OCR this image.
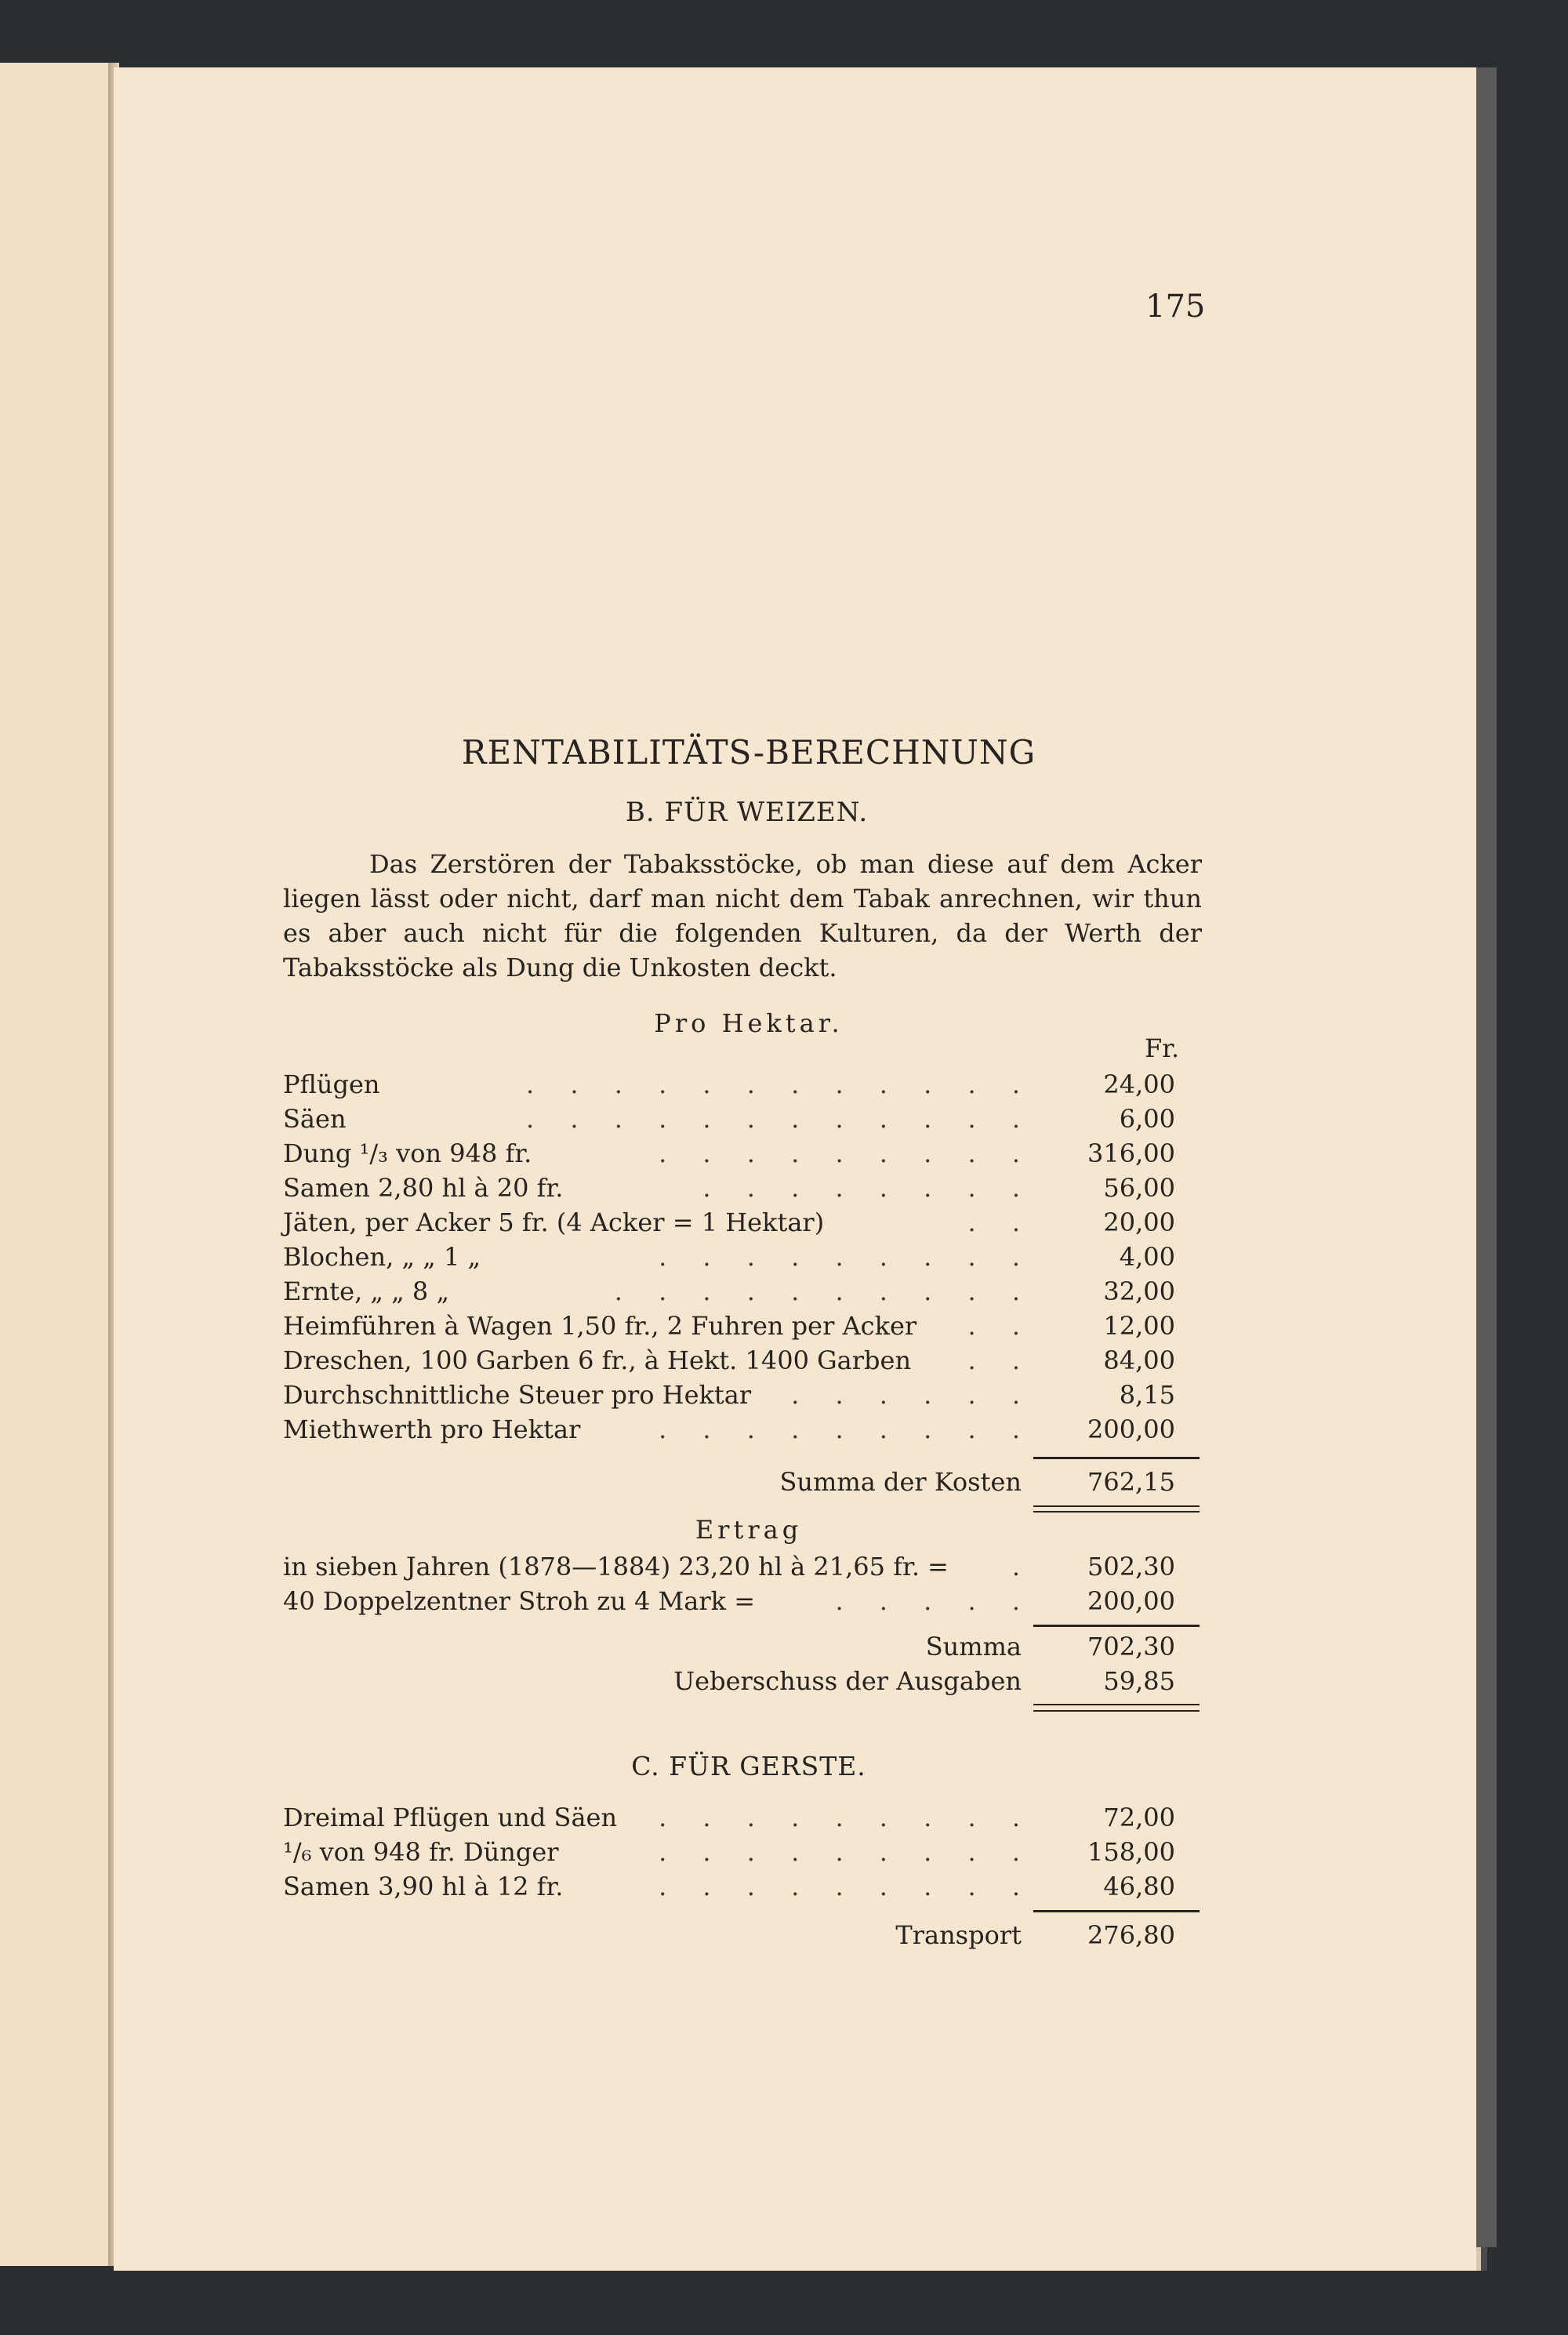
175
RENTABILITÄTS-BERECHNUNG
B. FÜR WEIZEN.

Das Zerstören der Tabaksstöcke, ob man diese auf dem Acker liegen lässt oder nicht, darf man nicht dem Tabak anrechnen, wir thun es aber auch nicht für die folgenden Kulturen, da der Werth der Tabaksstöcke als Dung die Unkosten deckt.

Pro Hektar.
Fr.
Pflügen	. . . . . . . . . . . .	24,00
Säen	. . . . . . . . . . . .	6,00
Dung ¹/₃ von 948 fr.	. . . . . . . . . 316,00
Samen 2,80 hl à 20 fr.	. . . . . . . .	56,00
Jäten, per Acker 5 fr. (4 Acker = 1 Hektar)	. .	20,00
Blochen, „ „ 1 „	. . . . . . . . .	4,00
Ernte, „ „ 8 „	. . . . . . . . . .	32,00
Heimführen à Wagen 1,50 fr., 2 Fuhren per Acker	. .	12,00
Dreschen, 100 Garben 6 fr., à Hekt. 1400 Garben	. .	84,00
Durchschnittliche Steuer pro Hektar	. . . . . .	8,15
Miethwerth pro Hektar	. . . . . . . . . 200,00
Summa der Kosten	762,15
Ertrag
in sieben Jahren (1878—1884) 23,20 hl à 21,65 fr. =	. 502,30
40 Doppelzentner Stroh zu 4 Mark =	. . . . . 200,00
Summa	702,30
Ueberschuss der Ausgaben	59,85
C. FÜR GERSTE.
Dreimal Pflügen und Säen	. . . . . . . . .	72,00
¹/₆ von 948 fr. Dünger	. . . . . . . . . 158,00
Samen 3,90 hl à 12 fr.	. . . . . . . . .	46,80
Transport	276,80
